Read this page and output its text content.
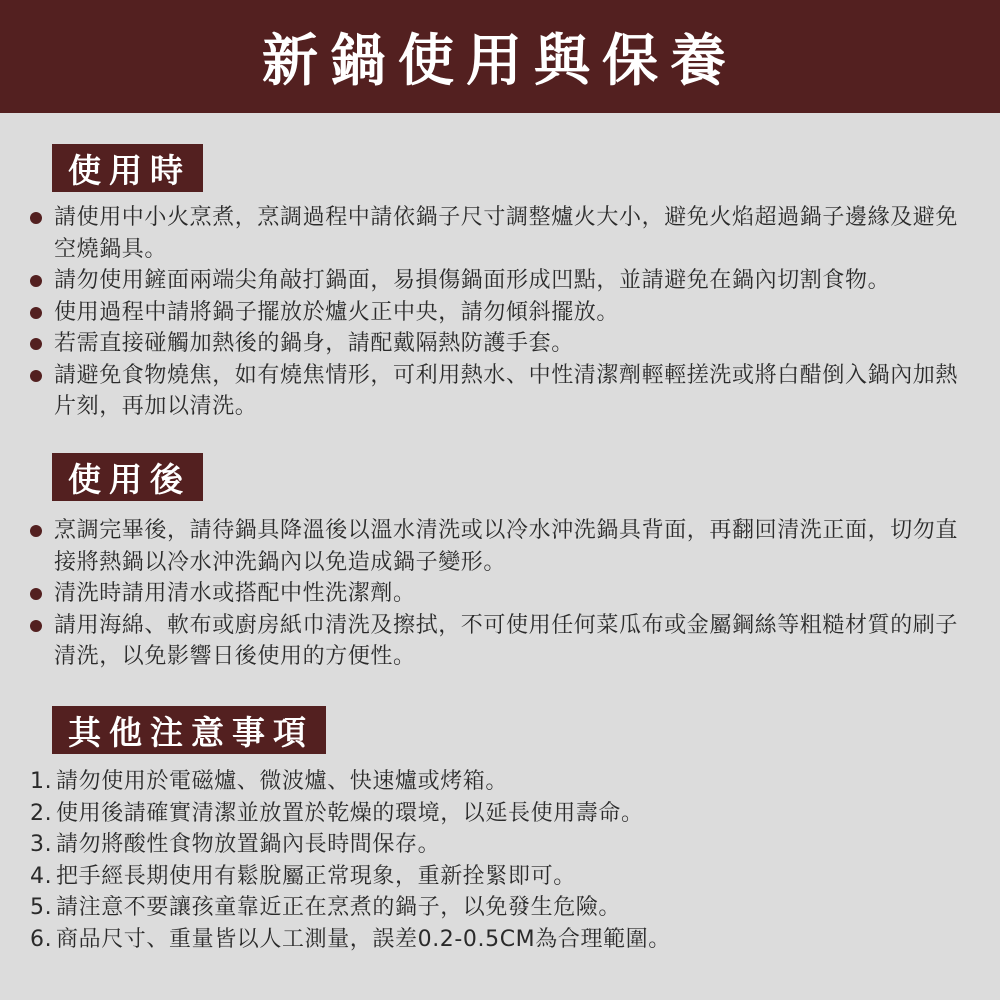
新鍋使用與保養
使用時
請使用中小火烹煮，烹調過程中請依鍋子尺寸調整爐火大小，避免火焰超過鍋子邊緣及避免空燒鍋具。
請勿使用鏟面兩端尖角敲打鍋面，易損傷鍋面形成凹點，並請避免在鍋內切割食物。
使用過程中請將鍋子擺放於爐火正中央，請勿傾斜擺放。
若需直接碰觸加熱後的鍋身，請配戴隔熱防護手套。
請避免食物燒焦，如有燒焦情形，可利用熱水、中性清潔劑輕輕搓洗或將白醋倒入鍋內加熱片刻，再加以清洗。
使用後
烹調完畢後，請待鍋具降溫後以溫水清洗或以冷水沖洗鍋具背面，再翻回清洗正面，切勿直接將熱鍋以冷水沖洗鍋內以免造成鍋子變形。
清洗時請用清水或搭配中性洗潔劑。
請用海綿、軟布或廚房紙巾清洗及擦拭，不可使用任何菜瓜布或金屬鋼絲等粗糙材質的刷子清洗，以免影響日後使用的方便性。
其他注意事項
1. 請勿使用於電磁爐、微波爐、快速爐或烤箱。
2. 使用後請確實清潔並放置於乾燥的環境，以延長使用壽命。
3. 請勿將酸性食物放置鍋內長時間保存。
4. 把手經長期使用有鬆脫屬正常現象，重新拴緊即可。
5. 請注意不要讓孩童靠近正在烹煮的鍋子，以免發生危險。
6. 商品尺寸、重量皆以人工測量，誤差0.2-0.5CM為合理範圍。
